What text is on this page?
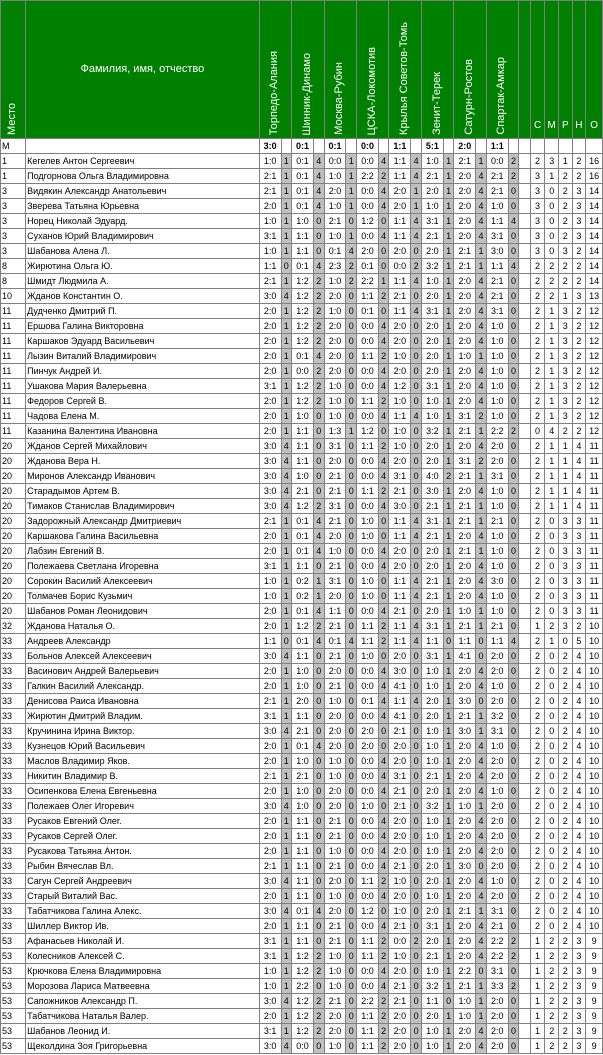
Место	Фамилия, имя, отчество	Торпедо-Алания		Шинник-Динамо		Москва-Рубин		ЦСКА-Локомотив		Крылья Советов-Томь		Зенит-Терек		Сатурн-Ростов		Спартак-Амкар			С	М	Р	Н	О

М		3:0		0:1		0:1		0:0		1:1		5:1		2:0		1:1							
1	Кегелев Антон Сергеевич	1:0	1	0:1	4	0:0	1	0:0	4	1:1	4	1:0	1	2:1	1	0:0	2		2	3	1	2	16
1	Подгорнова Ольга Владимировна	2:1	1	0:1	4	1:0	1	2:2	2	1:1	4	2:1	1	2:0	4	2:1	2		3	1	2	2	16
3	Видякин Александр Анатольевич	2:1	1	0:1	4	2:0	1	0:0	4	2:0	1	2:0	1	2:0	4	2:1	0		3	0	2	3	14
3	Зверева Татьяна Юрьевна	2:0	1	0:1	4	1:0	1	0:0	4	2:0	1	1:0	1	2:0	4	1:0	0		3	0	2	3	14
3	Норец Николай Эдуард.	1:0	1	1:0	0	2:1	0	1:2	0	1:1	4	3:1	1	2:0	4	1:1	4		3	0	2	3	14
3	Суханов Юрий Владимирович	3:1	1	1:1	0	1:0	1	0:0	4	1:1	4	2:1	1	2:0	4	3:1	0		3	0	2	3	14
3	Шабанова Алена Л.	1:0	1	1:1	0	0:1	4	2:0	0	2:0	0	2:0	1	2:1	1	3:0	0		3	0	3	2	14
8	Жирютина Ольга Ю.	1:1	0	0:1	4	2:3	2	0:1	0	0:0	2	3:2	1	2:1	1	1:1	4		2	2	2	2	14
8	Шмидт Людмила А.	2:1	1	1:2	2	1:0	2	2:2	1	1:1	4	1:0	1	2:0	4	2:1	0		2	2	2	2	14
10	Жданов Константин О.	3:0	4	1:2	2	2:0	0	1:1	2	2:1	0	2:0	1	2:0	4	2:1	0		2	2	1	3	13
11	Дудченко Дмитрий П.	2:0	1	1:2	2	1:0	0	0:1	0	1:1	4	3:1	1	2:0	4	3:1	0		2	1	3	2	12
11	Ершова Галина Викторовна	2:0	1	1:2	2	2:0	0	0:0	4	2:0	0	2:0	1	2:0	4	1:0	0		2	1	3	2	12
11	Каршаков Эдуард Васильевич	2:0	1	1:2	2	2:0	0	0:0	4	2:0	0	2:0	1	2:0	4	1:0	0		2	1	3	2	12
11	Лызин Виталий Владимирович	2:0	1	0:1	4	2:0	0	1:1	2	1:0	0	2:0	1	1:0	1	1:0	0		2	1	3	2	12
11	Пинчук Андрей И.	2:0	1	0:0	2	2:0	0	0:0	4	2:0	0	2:0	1	2:0	4	1:0	0		2	1	3	2	12
11	Ушакова Мария Валерьевна	3:1	1	1:2	2	1:0	0	0:0	4	1:2	0	3:1	1	2:0	4	1:0	0		2	1	3	2	12
11	Федоров Сергей В.	2:0	1	1:2	2	1:0	0	1:1	2	1:0	0	1:0	1	2:0	4	1:0	0		2	1	3	2	12
11	Чадова Елена М.	2:0	1	1:0	0	1:0	0	0:0	4	1:1	4	1:0	1	3:1	2	1:0	0		2	1	3	2	12
11	Казанина Валентина Ивановна	2:0	1	1:1	0	1:3	1	1:2	0	1:0	0	3:2	1	2:1	1	2:2	2		0	4	2	2	12
20	Жданов Сергей Михайлович	3:0	4	1:1	0	3:1	0	1:1	2	1:0	0	2:0	1	2:0	4	2:0	0		2	1	1	4	11
20	Жданова Вера Н.	3:0	4	1:1	0	2:0	0	0:0	4	2:0	0	2:0	1	3:1	2	2:0	0		2	1	1	4	11
20	Миронов Александр Иванович	3:0	4	1:0	0	2:1	0	0:0	4	3:1	0	4:0	2	2:1	1	3:1	0		2	1	1	4	11
20	Старадымов Артем В.	3:0	4	2:1	0	2:1	0	1:1	2	2:1	0	3:0	1	2:0	4	1:0	0		2	1	1	4	11
20	Тимаков Станислав Владимирович	3:0	4	1:2	2	3:1	0	0:0	4	3:0	0	2:1	1	2:1	1	1:0	0		2	1	1	4	11
20	Задорожный Александр Дмитриевич	2:1	1	0:1	4	2:1	0	1:0	0	1:1	4	3:1	1	2:1	1	2:1	0		2	0	3	3	11
20	Каршакова Галина Васильевна	2:0	1	0:1	4	2:0	0	1:0	0	1:1	4	2:1	1	2:0	4	1:0	0		2	0	3	3	11
20	Лабзин Евгений В.	2:0	1	0:1	4	1:0	0	0:0	4	2:0	0	2:0	1	2:1	1	1:0	0		2	0	3	3	11
20	Полежаева Светлана Игоревна	3:1	1	1:1	0	2:1	0	0:0	4	2:0	0	2:0	1	2:0	4	1:0	0		2	0	3	3	11
20	Сорокин Василий Алексеевич	1:0	1	0:2	1	3:1	0	1:0	0	1:1	4	2:1	1	2:0	4	3:0	0		2	0	3	3	11
20	Толмачев Борис Кузьмич	1:0	1	0:2	1	2:0	0	1:0	0	1:1	4	2:1	1	2:0	4	1:0	0		2	0	3	3	11
20	Шабанов Роман Леонидович	2:0	1	0:1	4	1:1	0	0:0	4	2:1	0	2:0	1	1:0	1	1:0	0		2	0	3	3	11
32	Жданова Наталья О.	2:0	1	1:2	2	2:1	0	1:1	2	1:1	4	3:1	1	2:1	1	2:1	0		1	2	3	2	10
33	Андреев Александр	1:1	0	0:1	4	0:1	4	1:1	2	1:1	4	1:1	0	1:1	0	1:1	4		2	1	0	5	10
33	Больнов Алексей Алексеевич	3:0	4	1:1	0	2:1	0	1:0	0	2:0	0	3:1	1	4:1	0	2:0	0		2	0	2	4	10
33	Васинович Андрей Валерьевич	2:0	1	1:0	0	2:0	0	0:0	4	3:0	0	1:0	1	2:0	4	2:0	0		2	0	2	4	10
33	Галкин Василий Александр.	2:0	1	1:0	0	2:1	0	0:0	4	4:1	0	1:0	1	2:0	4	1:0	0		2	0	2	4	10
33	Денисова Раиса Ивановна	2:1	1	2:0	0	1:0	0	0:1	4	1:1	4	2:0	1	3:0	0	2:0	0		2	0	2	4	10
33	Жирютин Дмитрий Владим.	3:1	1	1:1	0	2:0	0	0:0	4	4:1	0	2:0	1	2:1	1	3:2	0		2	0	2	4	10
33	Кручинина Ирина Виктор.	3:0	4	2:1	0	2:0	0	2:0	0	2:1	0	1:0	1	3:0	1	3:1	0		2	0	2	4	10
33	Кузнецов Юрий Васильевич	2:0	1	0:1	4	2:0	0	2:0	0	2:0	0	1:0	1	2:0	4	1:0	0		2	0	2	4	10
33	Маслов Владимир Яков.	2:0	1	1:0	0	1:0	0	0:0	4	2:0	0	1:0	1	2:0	4	2:0	0		2	0	2	4	10
33	Никитин Владимир В.	2:1	1	2:1	0	1:0	0	0:0	4	3:1	0	2:1	1	2:0	4	2:0	0		2	0	2	4	10
33	Осипенкова Елена Евгеньевна	2:0	1	1:0	0	2:0	0	0:0	4	2:1	0	2:0	1	2:0	4	1:0	0		2	0	2	4	10
33	Полежаев Олег Игоревич	3:0	4	1:0	0	2:0	0	1:0	0	2:1	0	3:2	1	1:0	1	2:0	0		2	0	2	4	10
33	Русаков Евгений Олег.	2:0	1	1:1	0	2:1	0	0:0	4	2:0	0	1:0	1	2:0	4	2:0	0		2	0	2	4	10
33	Русаков Сергей Олег.	2:0	1	1:1	0	2:1	0	0:0	4	2:0	0	1:0	1	2:0	4	2:0	0		2	0	2	4	10
33	Русакова Татьяна Антон.	2:0	1	1:1	0	1:0	0	0:0	4	2:0	0	1:0	1	2:0	4	2:0	0		2	0	2	4	10
33	Рыбин Вячеслав Вл.	2:1	1	1:1	0	2:1	0	0:0	4	2:1	0	2:0	1	3:0	0	2:0	0		2	0	2	4	10
33	Сагун Сергей Андреевич	3:0	4	1:1	0	2:0	0	1:1	2	1:0	0	2:0	1	2:0	4	1:0	0		2	0	2	4	10
33	Старый Виталий Вас.	2:0	1	1:1	0	1:0	0	0:0	4	2:0	0	1:0	1	2:0	4	2:0	0		2	0	2	4	10
33	Табатчикова Галина Алекс.	3:0	4	0:1	4	2:0	0	1:2	0	1:0	0	2:0	1	2:1	1	3:1	0		2	0	2	4	10
33	Шиллер Виктор Ив.	2:0	1	1:1	0	2:1	0	0:0	4	2:1	0	3:1	1	2:0	4	2:1	0		2	0	2	4	10
53	Афанасьев Николай И.	3:1	1	1:1	0	2:1	0	1:1	2	0:0	2	2:0	1	2:0	4	2:2	2		1	2	2	3	9
53	Колесников Алексей С.	3:1	1	1:2	2	1:0	0	1:1	2	1:0	0	2:1	1	2:0	4	2:2	2		1	2	2	3	9
53	Крючкова Елена Владимировна	1:0	1	1:2	2	1:0	0	0:0	4	2:0	0	1:0	1	2:2	0	3:1	0		1	2	2	3	9
53	Морозова Лариса Матвеевна	1:0	1	2:2	0	1:0	0	0:0	4	2:1	0	3:2	1	2:1	1	3:3	2		1	2	2	3	9
53	Сапожников Александр П.	3:0	4	1:2	2	2:1	0	2:2	2	2:1	0	1:1	0	1:0	1	2:0	0		1	2	2	3	9
53	Табатчикова Наталья Валер.	2:0	1	1:2	2	2:0	0	1:1	2	2:0	0	2:0	1	1:0	1	2:0	0		1	2	2	3	9
53	Шабанов Леонид И.	3:1	1	1:2	2	2:0	0	1:1	2	2:0	0	1:0	1	2:0	4	2:0	0		1	2	2	3	9
53	Щеколдина Зоя Григорьевна	3:0	4	0:0	0	1:0	0	1:1	2	2:0	0	1:0	1	2:0	4	2:0	0		1	2	2	3	9
